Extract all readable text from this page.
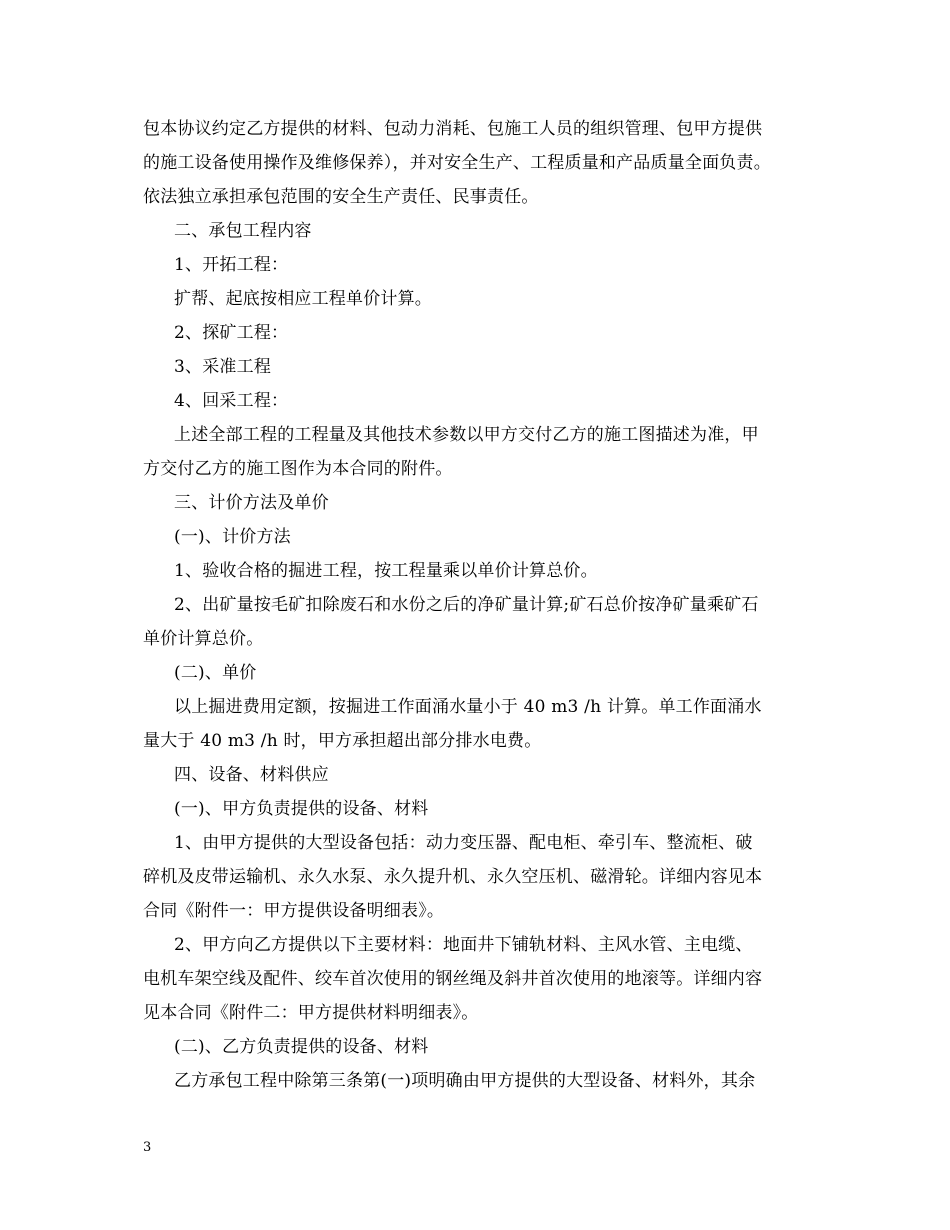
包本协议约定乙方提供的材料、包动力消耗、包施工人员的组织管理、包甲方提供

的施工设备使用操作及维修保养），并对安全生产、工程质量和产品质量全面负责。

依法独立承担承包范围的安全生产责任、民事责任。

二、承包工程内容

1、开拓工程：

扩帮、起底按相应工程单价计算。

2、探矿工程：

3、采准工程

4、回采工程：

上述全部工程的工程量及其他技术参数以甲方交付乙方的施工图描述为准，甲

方交付乙方的施工图作为本合同的附件。

三、计价方法及单价

(一)、计价方法

1、验收合格的掘进工程，按工程量乘以单价计算总价。

2、出矿量按毛矿扣除废石和水份之后的净矿量计算;矿石总价按净矿量乘矿石

单价计算总价。

(二)、单价

以上掘进费用定额，按掘进工作面涌水量小于 40 m3 /h 计算。单工作面涌水

量大于 40 m3 /h 时，甲方承担超出部分排水电费。

四、设备、材料供应

(一)、甲方负责提供的设备、材料

1、由甲方提供的大型设备包括：动力变压器、配电柜、牵引车、整流柜、破

碎机及皮带运输机、永久水泵、永久提升机、永久空压机、磁滑轮。详细内容见本

合同《附件一：甲方提供设备明细表》。

2、甲方向乙方提供以下主要材料：地面井下铺轨材料、主风水管、主电缆、

电机车架空线及配件、绞车首次使用的钢丝绳及斜井首次使用的地滚等。详细内容

见本合同《附件二：甲方提供材料明细表》。

(二)、乙方负责提供的设备、材料

乙方承包工程中除第三条第(一)项明确由甲方提供的大型设备、材料外，其余

3
